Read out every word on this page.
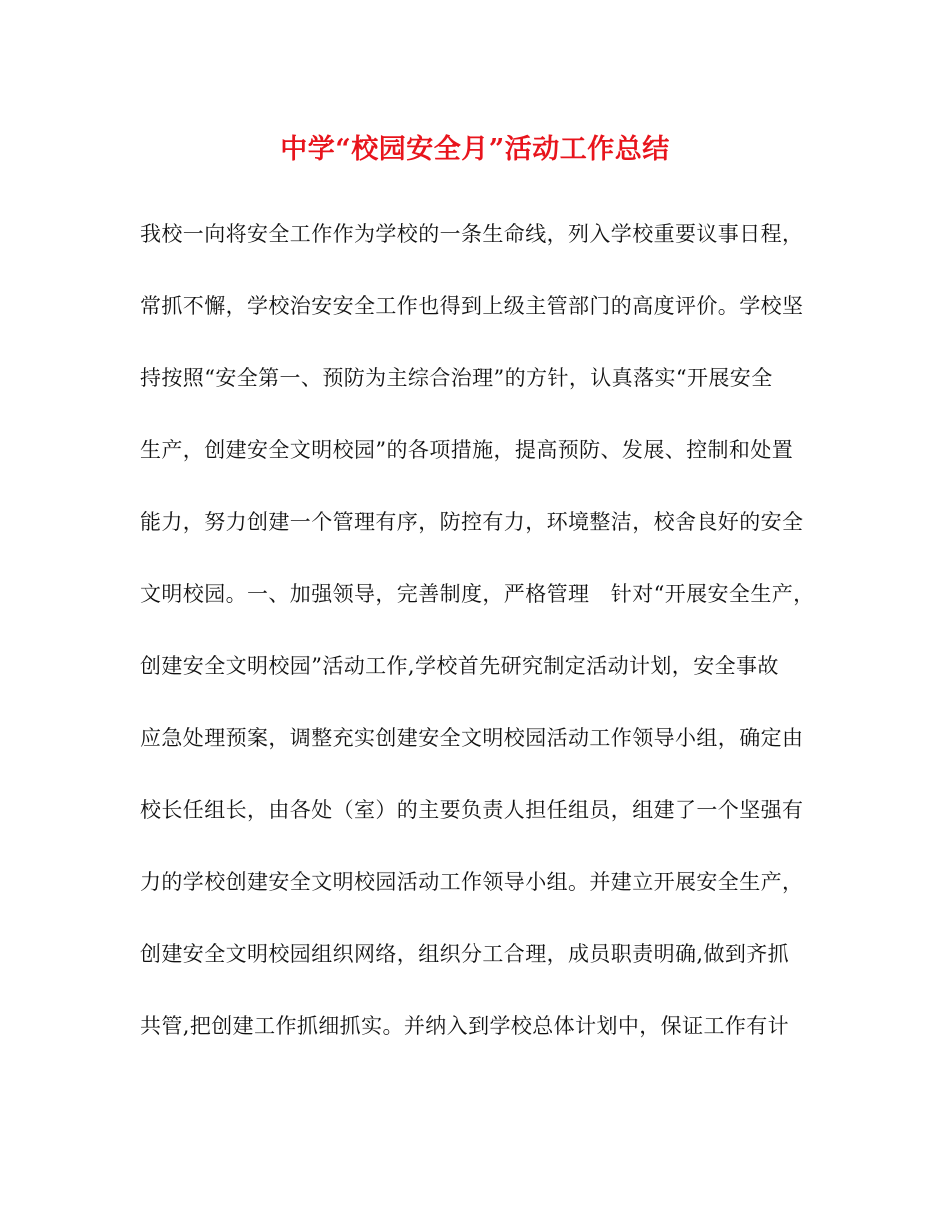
中学“校园安全月”活动工作总结
我校一向将安全工作作为学校的一条生命线，列入学校重要议事日程，
常抓不懈，学校治安安全工作也得到上级主管部门的高度评价。学校坚
持按照“安全第一、预防为主综合治理”的方针，认真落实“开展安全
生产，创建安全文明校园”的各项措施，提高预防、发展、控制和处置
能力，努力创建一个管理有序，防控有力，环境整洁，校舍良好的安全
文明校园。一、加强领导，完善制度，严格管理　针对“开展安全生产，
创建安全文明校园”活动工作,学校首先研究制定活动计划，安全事故
应急处理预案，调整充实创建安全文明校园活动工作领导小组，确定由
校长任组长，由各处（室）的主要负责人担任组员，组建了一个坚强有
力的学校创建安全文明校园活动工作领导小组。并建立开展安全生产，
创建安全文明校园组织网络，组织分工合理，成员职责明确,做到齐抓
共管,把创建工作抓细抓实。并纳入到学校总体计划中，保证工作有计
